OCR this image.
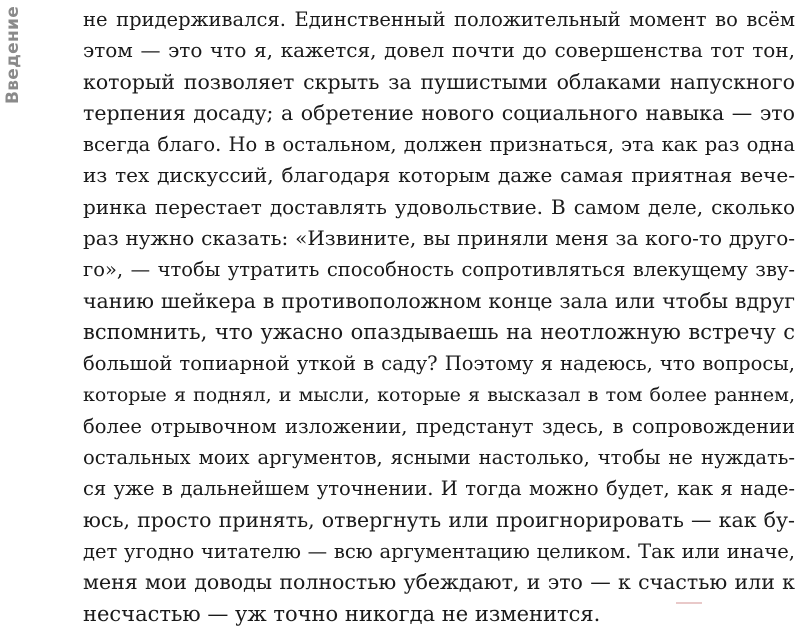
Введение	не придерживался. Единственный положительный момент во всём
этом — это что я, кажется, довел почти до совершенства тот тон,
который позволяет скрыть за пушистыми облаками напускного
терпения досаду; а обретение нового социального навыка — это
всегда благо. Но в остальном, должен признаться, эта как раз одна
из тех дискуссий, благодаря которым даже самая приятная вече-
ринка перестает доставлять удовольствие. В самом деле, сколько
раз нужно сказать: «Извините, вы приняли меня за кого-то друго-
го», — чтобы утратить способность сопротивляться влекущему зву-
чанию шейкера в противоположном конце зала или чтобы вдруг
вспомнить, что ужасно опаздываешь на неотложную встречу с
большой топиарной уткой в саду? Поэтому я надеюсь, что вопросы,
которые я поднял, и мысли, которые я высказал в том более раннем,
более отрывочном изложении, предстанут здесь, в сопровождении
остальных моих аргументов, ясными настолько, чтобы не нуждать-
ся уже в дальнейшем уточнении. И тогда можно будет, как я наде-
юсь, просто принять, отвергнуть или проигнорировать — как бу-
дет угодно читателю — всю аргументацию целиком. Так или иначе,
меня мои доводы полностью убеждают, и это — к счастью или к
несчастью — уж точно никогда не изменится.
